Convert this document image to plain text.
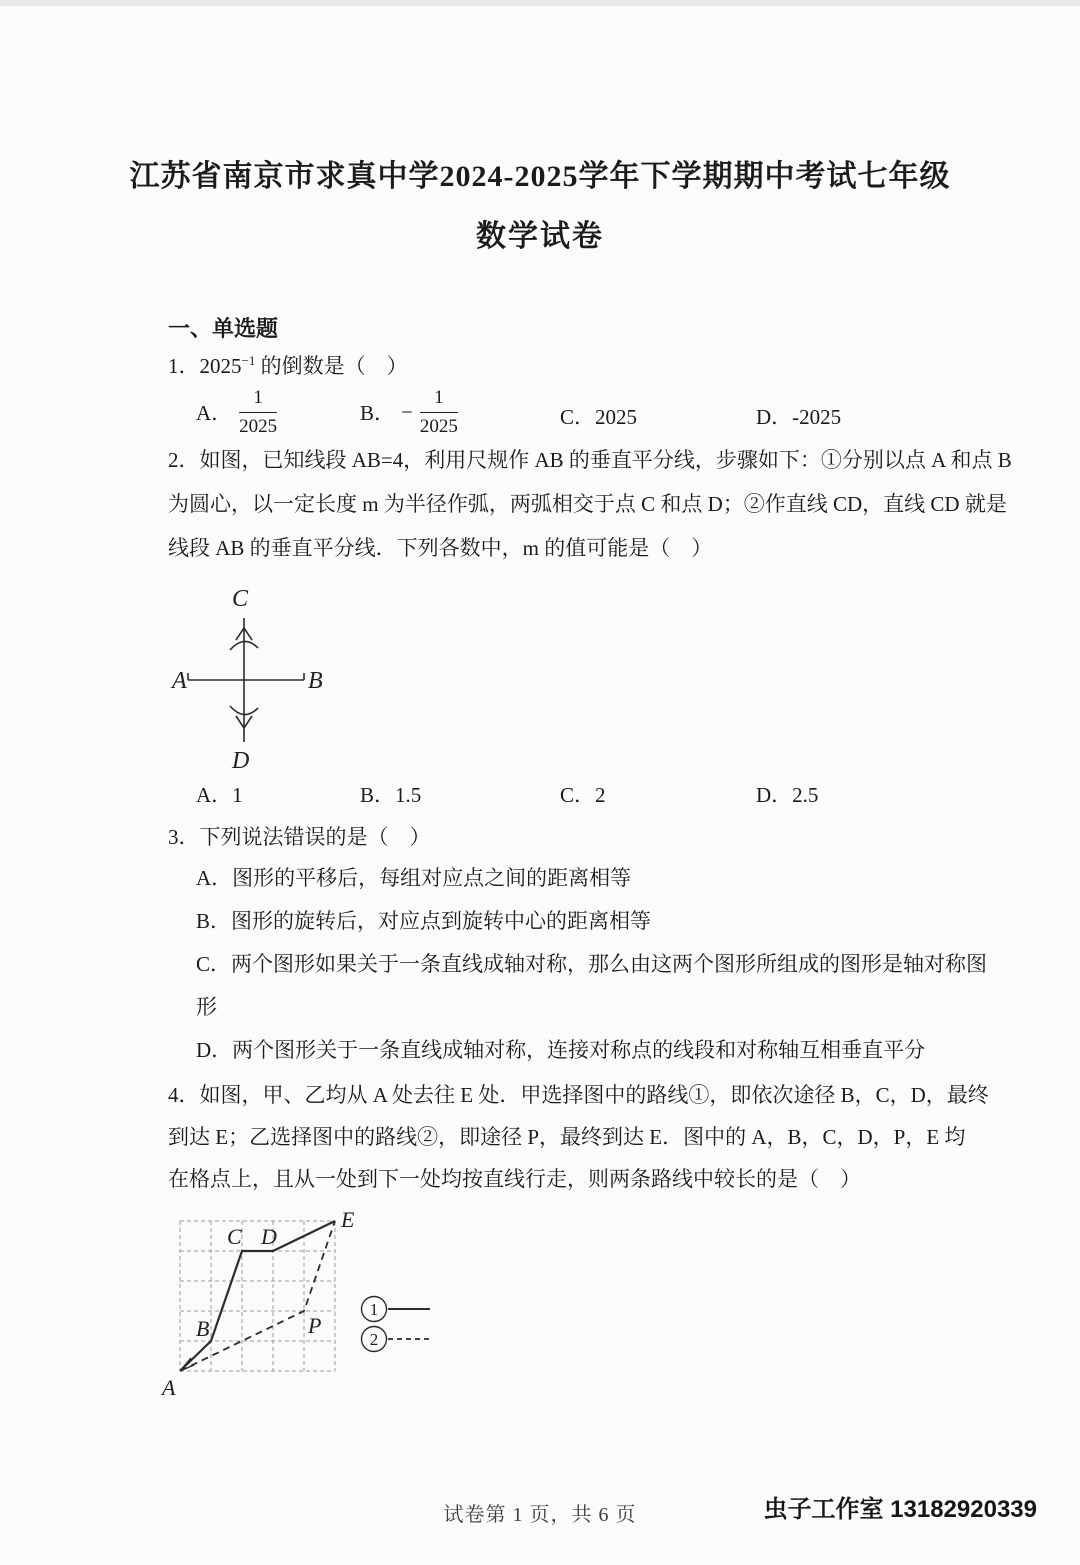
江苏省南京市求真中学2024-2025学年下学期期中考试七年级
数学试卷
一、单选题
1．$2025^{-1}$ 的倒数是（　）
A． $\frac{1}{2025}$	B． − $\frac{1}{2025}$	C．2025	D．-2025
2．如图，已知线段 AB=4，利用尺规作 AB 的垂直平分线，步骤如下：①分别以点 A 和点 B
为圆心，以一定长度 m 为半径作弧，两弧相交于点 C 和点 D；②作直线 CD，直线 CD 就是
线段 AB 的垂直平分线．下列各数中，m 的值可能是（　）
C
A	B
D
A．1	B．1.5	C．2	D．2.5
3．下列说法错误的是（　）
A．图形的平移后，每组对应点之间的距离相等
B．图形的旋转后，对应点到旋转中心的距离相等
C．两个图形如果关于一条直线成轴对称，那么由这两个图形所组成的图形是轴对称图
形
D．两个图形关于一条直线成轴对称，连接对称点的线段和对称轴互相垂直平分
4．如图，甲、乙均从 A 处去往 E 处．甲选择图中的路线①，即依次途径 B，C，D，最终
到达 E；乙选择图中的路线②，即途径 P，最终到达 E．图中的 A，B，C，D，P，E 均
在格点上，且从一处到下一处均按直线行走，则两条路线中较长的是（　）
A
B
C D
E
P
1
2
试卷第 1 页，共 6 页	虫子工作室 13182920339
